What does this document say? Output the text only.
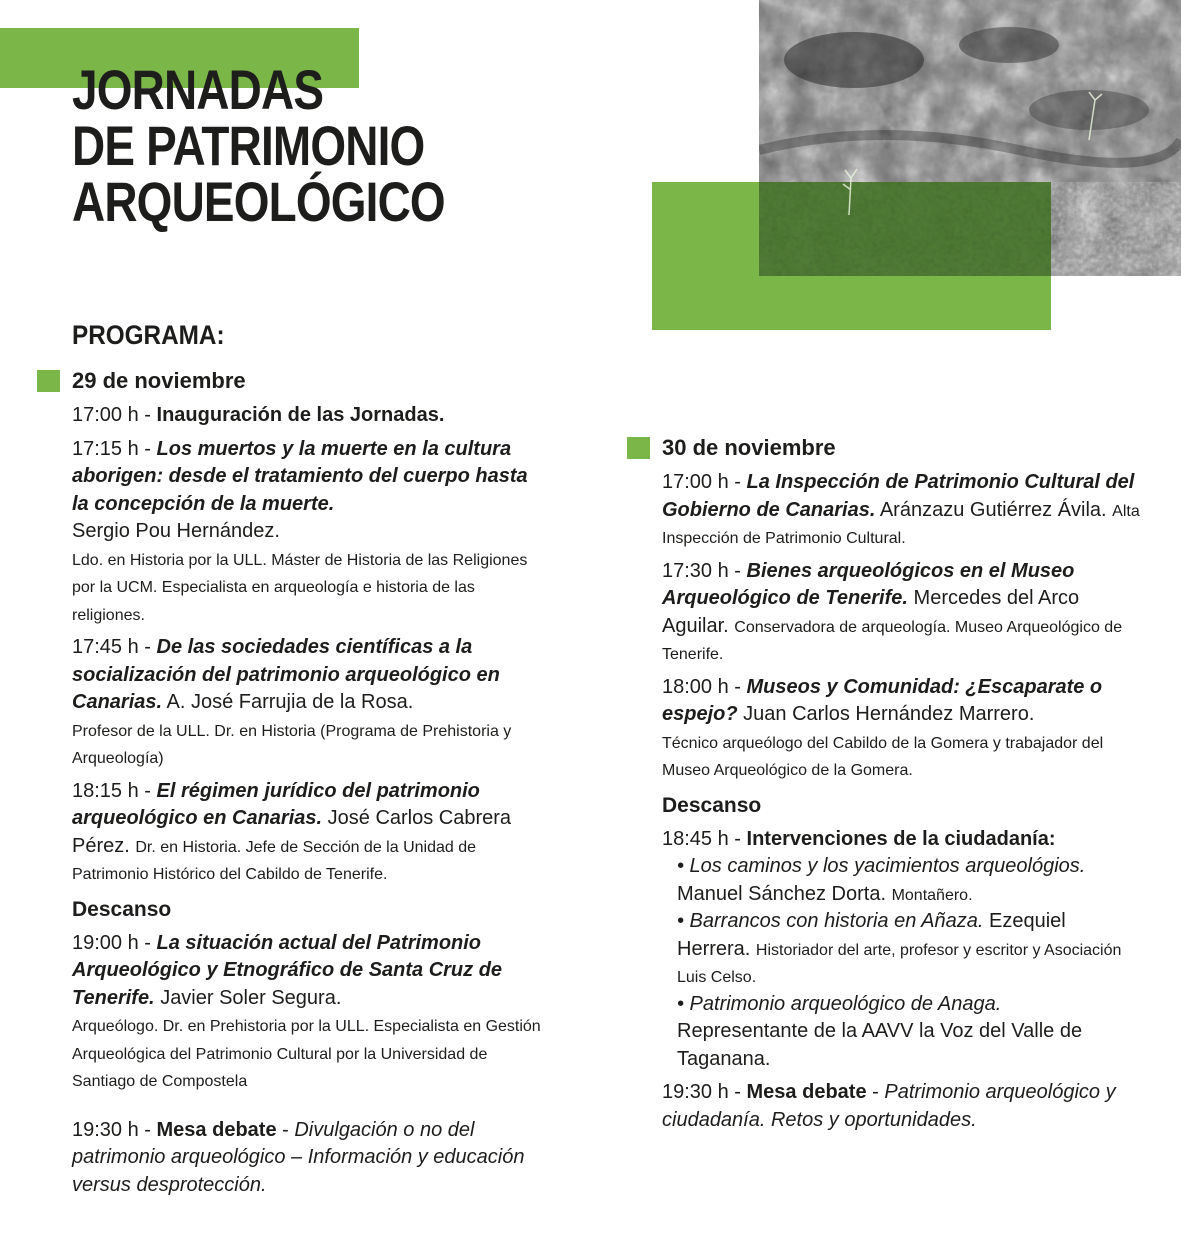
JORNADAS
DE PATRIMONIO
ARQUEOLÓGICO
PROGRAMA:
29 de noviembre
17:00 h - Inauguración de las Jornadas.
17:15 h - Los muertos y la muerte en la cultura aborigen: desde el tratamiento del cuerpo hasta la concepción de la muerte.
Sergio Pou Hernández.
Ldo. en Historia por la ULL. Máster de Historia de las Religiones por la UCM. Especialista en arqueología e historia de las religiones.
17:45 h - De las sociedades científicas a la socialización del patrimonio arqueológico en Canarias. A. José Farrujia de la Rosa.
Profesor de la ULL. Dr. en Historia (Programa de Prehistoria y Arqueología)
18:15 h - El régimen jurídico del patrimonio arqueológico en Canarias. José Carlos Cabrera Pérez. Dr. en Historia. Jefe de Sección de la Unidad de Patrimonio Histórico del Cabildo de Tenerife.
Descanso
19:00 h - La situación actual del Patrimonio Arqueológico y Etnográfico de Santa Cruz de Tenerife. Javier Soler Segura.
Arqueólogo. Dr. en Prehistoria por la ULL. Especialista en Gestión Arqueológica del Patrimonio Cultural por la Universidad de Santiago de Compostela
19:30 h - Mesa debate - Divulgación o no del patrimonio arqueológico – Información y educación versus desprotección.
30 de noviembre
17:00 h - La Inspección de Patrimonio Cultural del Gobierno de Canarias. Aránzazu Gutiérrez Ávila. Alta Inspección de Patrimonio Cultural.
17:30 h - Bienes arqueológicos en el Museo Arqueológico de Tenerife. Mercedes del Arco Aguilar. Conservadora de arqueología. Museo Arqueológico de Tenerife.
18:00 h - Museos y Comunidad: ¿Escaparate o espejo? Juan Carlos Hernández Marrero.
Técnico arqueólogo del Cabildo de la Gomera y trabajador del Museo Arqueológico de la Gomera.
Descanso
18:45 h - Intervenciones de la ciudadanía:
• Los caminos y los yacimientos arqueológios.
Manuel Sánchez Dorta. Montañero.
• Barrancos con historia en Añaza. Ezequiel Herrera. Historiador del arte, profesor y escritor y Asociación Luis Celso.
• Patrimonio arqueológico de Anaga.
Representante de la AAVV la Voz del Valle de Taganana.
19:30 h - Mesa debate - Patrimonio arqueológico y ciudadanía. Retos y oportunidades.
